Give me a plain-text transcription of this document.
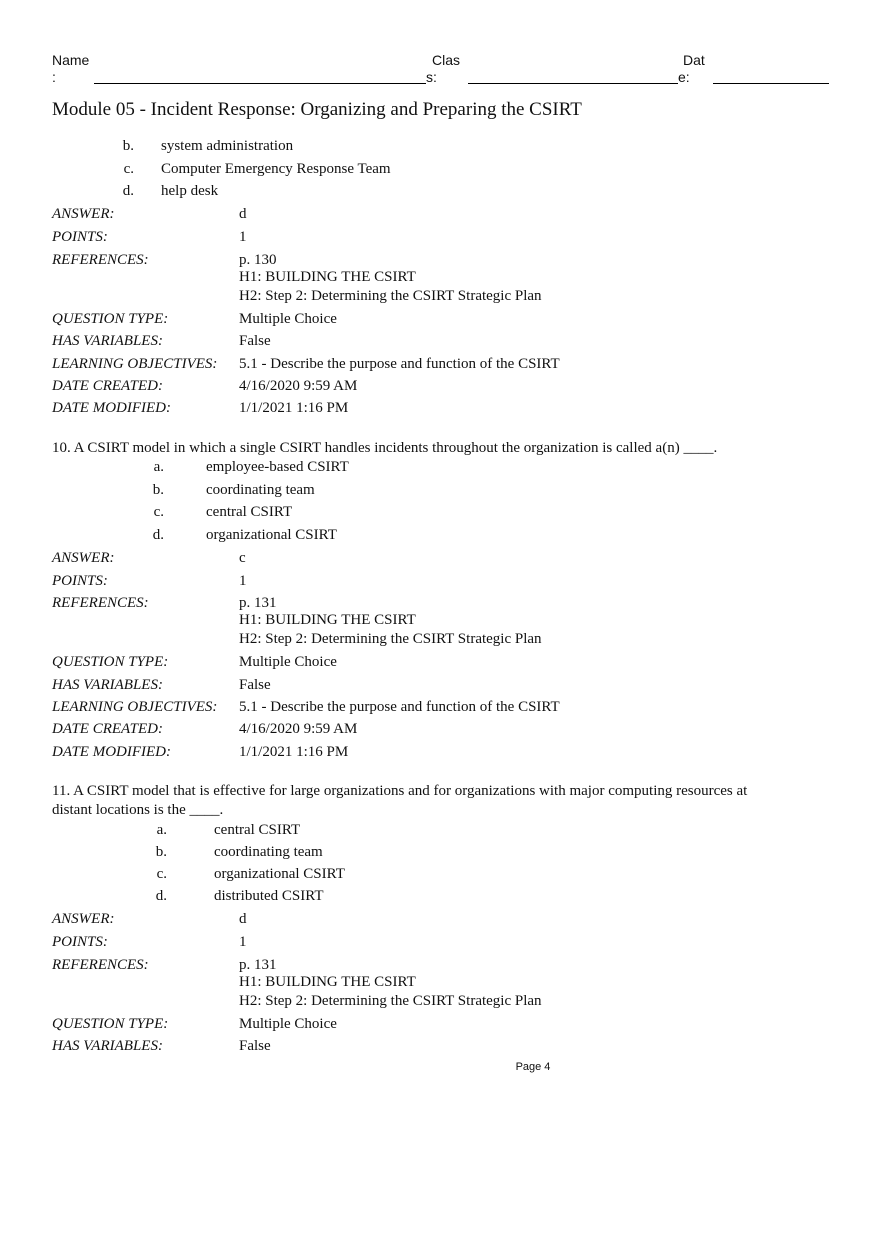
Name
:
Clas
s:
Dat
e:
Module 05 - Incident Response: Organizing and Preparing the CSIRT
b. system administration
c. Computer Emergency Response Team
d. help desk
ANSWER:	d
POINTS:	1
REFERENCES:	p. 130
H1: BUILDING THE CSIRT
H2: Step 2: Determining the CSIRT Strategic Plan
QUESTION TYPE:	Multiple Choice
HAS VARIABLES:	False
LEARNING OBJECTIVES: 5.1 - Describe the purpose and function of the CSIRT
DATE CREATED:	4/16/2020 9:59 AM
DATE MODIFIED:	1/1/2021 1:16 PM
10. A CSIRT model in which a single CSIRT handles incidents throughout the organization is called a(n) ____.
a.	employee-based CSIRT
b.	coordinating team
c.	central CSIRT
d.	organizational CSIRT
ANSWER:	c
POINTS:	1
REFERENCES:	p. 131
H1: BUILDING THE CSIRT
H2: Step 2: Determining the CSIRT Strategic Plan
QUESTION TYPE:	Multiple Choice
HAS VARIABLES:	False
LEARNING OBJECTIVES: 5.1 - Describe the purpose and function of the CSIRT
DATE CREATED:	4/16/2020 9:59 AM
DATE MODIFIED:	1/1/2021 1:16 PM
11. A CSIRT model that is effective for large organizations and for organizations with major computing resources at
distant locations is the ____.
a.	central CSIRT
b.	coordinating team
c.	organizational CSIRT
d.	distributed CSIRT
ANSWER:	d
POINTS:	1
REFERENCES:	p. 131
H1: BUILDING THE CSIRT
H2: Step 2: Determining the CSIRT Strategic Plan
QUESTION TYPE:	Multiple Choice
HAS VARIABLES:	False
Page 4
